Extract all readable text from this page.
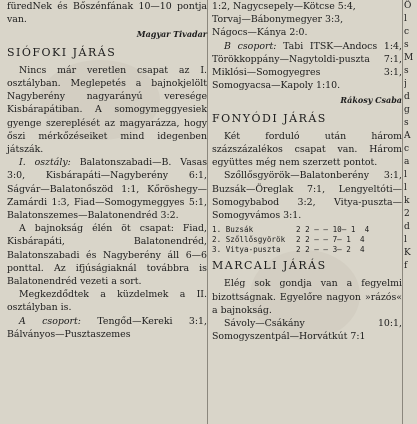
füredNek és Bőszénfának 10—10 pontja van.

Magyar Tivadar

SIÓFOKI JÁRÁS

Nincs már veretlen csapat az I. osztályban. Meglepetés a bajnokjelölt Nagyberény nagyarányú veresége Kisbárapátiban. A somogymeggyesiek gyenge szereplését az magyarázza, hogy őszi mérkőzéseiket mind idegenben játszák.

I. osztály: Balatonszabadi—B. Vasas 3:0, Kisbárapáti—Nagyberény 6:1, Ságvár—Balatonőszöd 1:1, Kőröshegy—Zamárdi 1:3, Fiad—Somogymeggyes 5:1, Balatonszemes—Balatonendréd 3:2.

A bajnokság élén öt csapat: Fiad, Kisbárapáti, Balatonendréd, Balatonszabadi és Nagyberény áll 6—6 ponttal. Az ifjúságiaknál továbbra is Balatonendréd vezeti a sort.

Megkezdődtek a küzdelmek a II. osztályban is.

A csoport: Tengőd—Kereki 3:1, Bálványos—Pusztaszemes

1:2, Nagycsepely—Kötcse 5:4,
Torvaj—Bábonymegyer 3:3,
Nágocs—Kánya 2:0.

B csoport: Tabi ITSK—Andocs 1:4, Törökkoppány—Nagytoldi-puszta 7:1, Miklósi—Somogyegres 3:1, Somogyacsa—Kapoly 1:10.

Rákosy Csaba

FONYÓDI JÁRÁS

Két forduló után három százszázalékos csapat van. Három együttes még nem szerzett pontot.

Szőllősgyörök—Balatonberény 3:1, Buzsák—Öreglak 7:1, Lengyeltóti—Somogybabod 3:2, Vitya-puszta—Somogyvámos 3:1.

1. Buzsák	2 2 — — 10— 1  4
2. Szőllősgyörök	2 2 — — 7— 1  4
3. Vitya-puszta	2 2 — — 3— 2  4
MARCALI JÁRÁS

Elég sok gondja van a fegyelmi bizottságnak. Egyelőre nagyon »rázós« a bajnokság.

Sávoly—Csákány 10:1, Somogyszentpál—Horvátkút 7:1

Ö
l
c
s
M
s
j
d
g
s
A
c
a
l
l
k
2
d
l
K
f
